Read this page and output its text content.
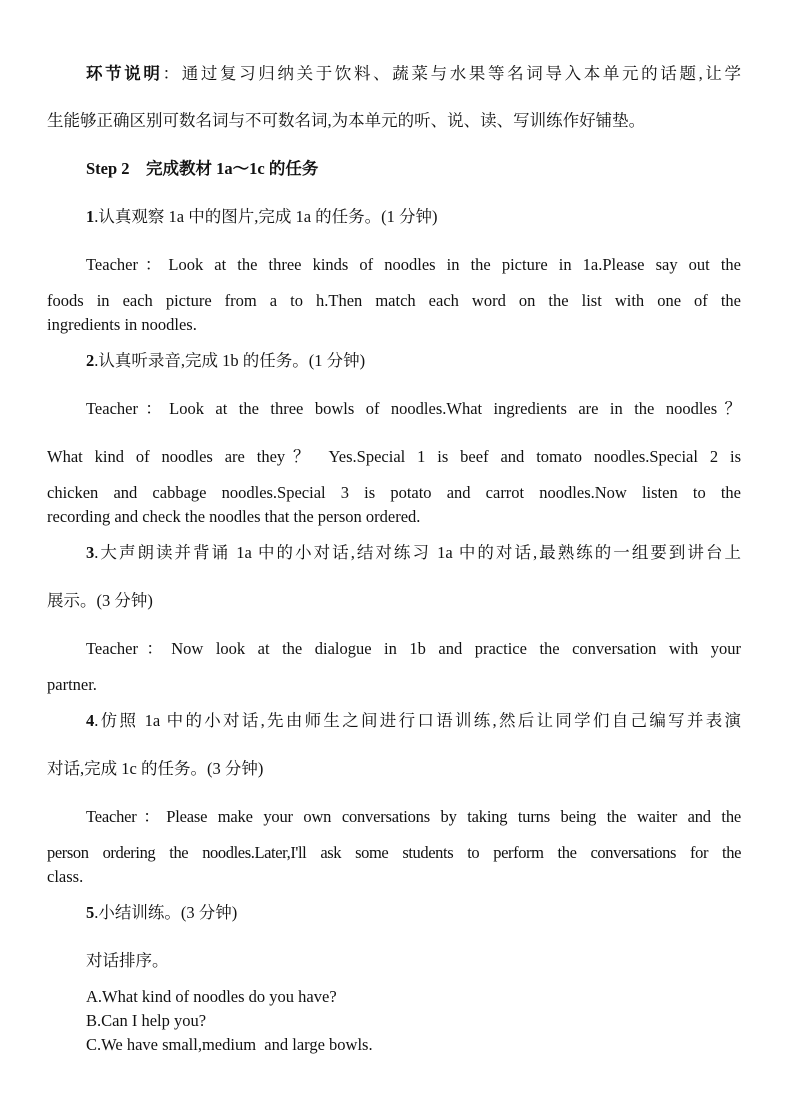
环节说明：通过复习归纳关于饮料、蔬菜与水果等名词导入本单元的话题,让学
生能够正确区别可数名词与不可数名词,为本单元的听、说、读、写训练作好铺垫。
Step 2    完成教材 1a～1c 的任务
1.认真观察 1a 中的图片,完成 1a 的任务。(1 分钟)
Teacher：Look at the three kinds of noodles in the picture in 1a.Please say out the
foods in each picture from a to h.Then match each word on the list with one of the
ingredients in noodles.
2.认真听录音,完成 1b 的任务。(1 分钟)
Teacher：Look at the three bowls of noodles.What ingredients are in the noodles？
What kind of noodles are they？ Yes.Special 1 is beef and tomato noodles.Special 2 is
chicken and cabbage noodles.Special 3 is potato and carrot noodles.Now listen to the
recording and check the noodles that the person ordered.
3.大声朗读并背诵 1a 中的小对话,结对练习 1a 中的对话,最熟练的一组要到讲台上
展示。(3 分钟)
Teacher：Now look at the dialogue in 1b and practice the conversation with your
partner.
4.仿照 1a 中的小对话,先由师生之间进行口语训练,然后让同学们自己编写并表演
对话,完成 1c 的任务。(3 分钟)
Teacher：Please make your own conversations by taking turns being the waiter and the
person ordering the noodles.Later,I'll ask some students to perform the conversations for the
class.
5.小结训练。(3 分钟)
对话排序。
A.What kind of noodles do you have?
B.Can I help you?
C.We have small,medium  and large bowls.
